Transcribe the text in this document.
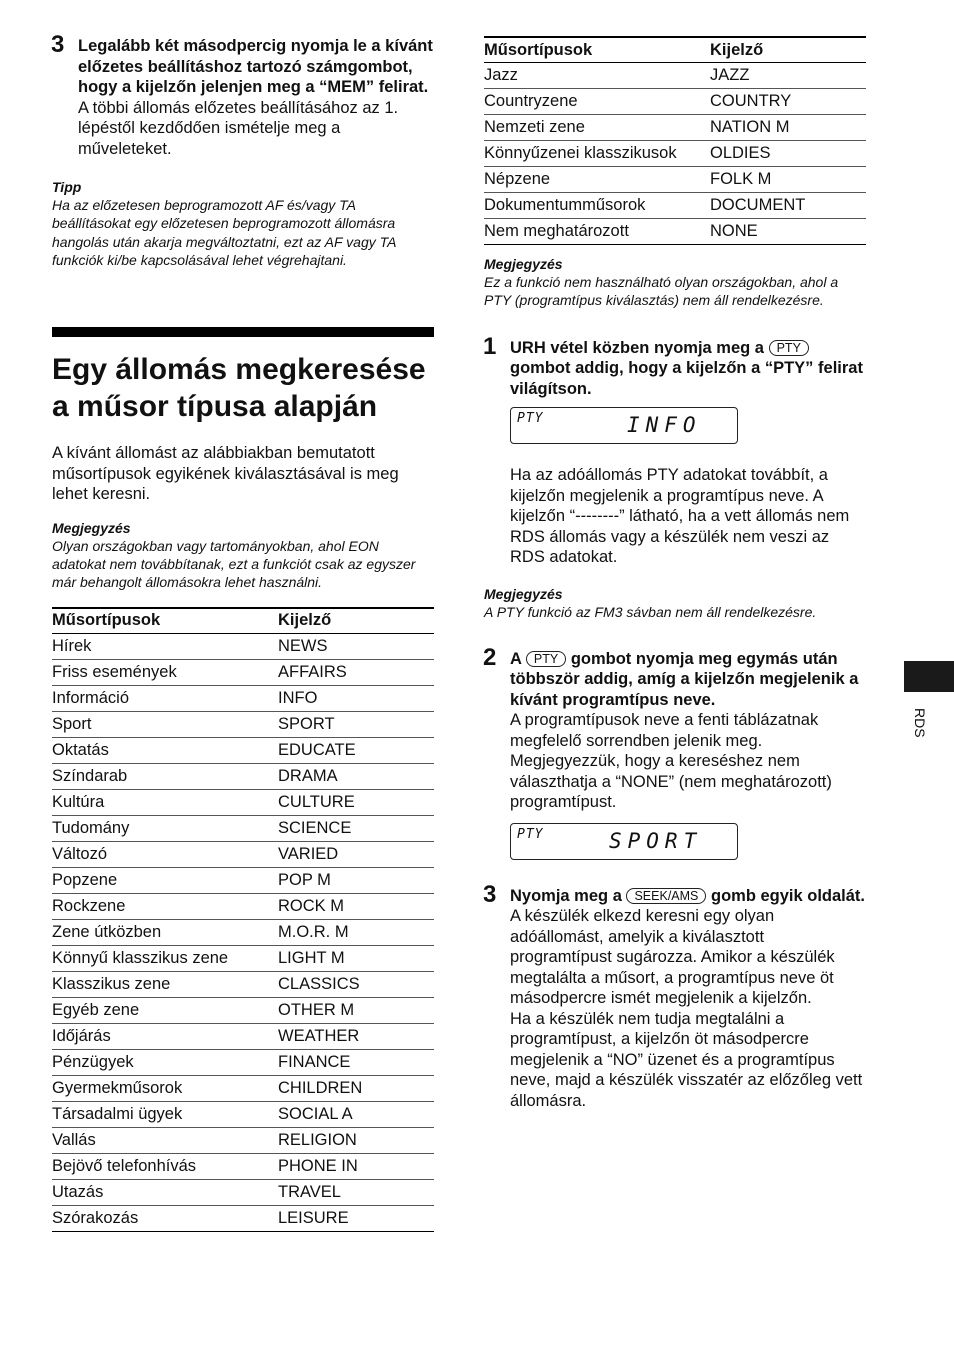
3 Legalább két másodpercig nyomja le a kívánt előzetes beállításhoz tartozó számgombot, hogy a kijelzőn jelenjen meg a “MEM” felirat.

A többi állomás előzetes beállításához az 1. lépéstől kezdődően ismételje meg a műveleteket.

Tipp
Ha az előzetesen beprogramozott AF és/vagy TA beállításokat egy előzetesen beprogramozott állomásra hangolás után akarja megváltoztatni, ezt az AF vagy TA funkciók ki/be kapcsolásával lehet végrehajtani.
Egy állomás megkeresése a műsor típusa alapján

A kívánt állomást az alábbiakban bemutatott műsortípusok egyikének kiválasztásával is meg lehet keresni.

Megjegyzés
Olyan országokban vagy tartományokban, ahol EON adatokat nem továbbítanak, ezt a funkciót csak az egyszer már behangolt állomásokra lehet használni.
Műsortípusok	Kijelző
Hírek	NEWS
Friss események	AFFAIRS
Információ	INFO
Sport	SPORT
Oktatás	EDUCATE
Színdarab	DRAMA
Kultúra	CULTURE
Tudomány	SCIENCE
Változó	VARIED
Popzene	POP M
Rockzene	ROCK M
Zene útközben	M.O.R. M
Könnyű klasszikus zene	LIGHT M
Klasszikus zene	CLASSICS
Egyéb zene	OTHER M
Időjárás	WEATHER
Pénzügyek	FINANCE
Gyermekműsorok	CHILDREN
Társadalmi ügyek	SOCIAL A
Vallás	RELIGION
Bejövő telefonhívás	PHONE IN
Utazás	TRAVEL
Szórakozás	LEISURE
Műsortípusok	Kijelző
Jazz	JAZZ
Countryzene	COUNTRY
Nemzeti zene	NATION M
Könnyűzenei klasszikusok	OLDIES
Népzene	FOLK M
Dokumentumműsorok	DOCUMENT
Nem meghatározott	NONE
Megjegyzés
Ez a funkció nem használható olyan országokban, ahol a PTY (programtípus kiválasztás) nem áll rendelkezésre.
1 URH vétel közben nyomja meg a PTY gombot addig, hogy a kijelzőn a “PTY” felirat világítson.

PTY	INFO

Ha az adóállomás PTY adatokat továbbít, a kijelzőn megjelenik a programtípus neve. A kijelzőn “--------” látható, ha a vett állomás nem RDS állomás vagy a készülék nem veszi az RDS adatokat.

Megjegyzés
A PTY funkció az FM3 sávban nem áll rendelkezésre.
2 A PTY gombot nyomja meg egymás után többször addig, amíg a kijelzőn megjelenik a kívánt programtípus neve.

A programtípusok neve a fenti táblázatnak megfelelő sorrendben jelenik meg. Megjegyezzük, hogy a kereséshez nem választhatja a “NONE” (nem meghatározott) programtípust.

PTY	SPORT
3 Nyomja meg a SEEK/AMS gomb egyik oldalát.

A készülék elkezd keresni egy olyan adóállomást, amelyik a kiválasztott programtípust sugározza. Amikor a készülék megtalálta a műsort, a programtípus neve öt másodpercre ismét megjelenik a kijelzőn.

Ha a készülék nem tudja megtalálni a programtípust, a kijelzőn öt másodpercre megjelenik a “NO” üzenet és a programtípus neve, majd a készülék visszatér az előzőleg vett állomásra.

RDS
